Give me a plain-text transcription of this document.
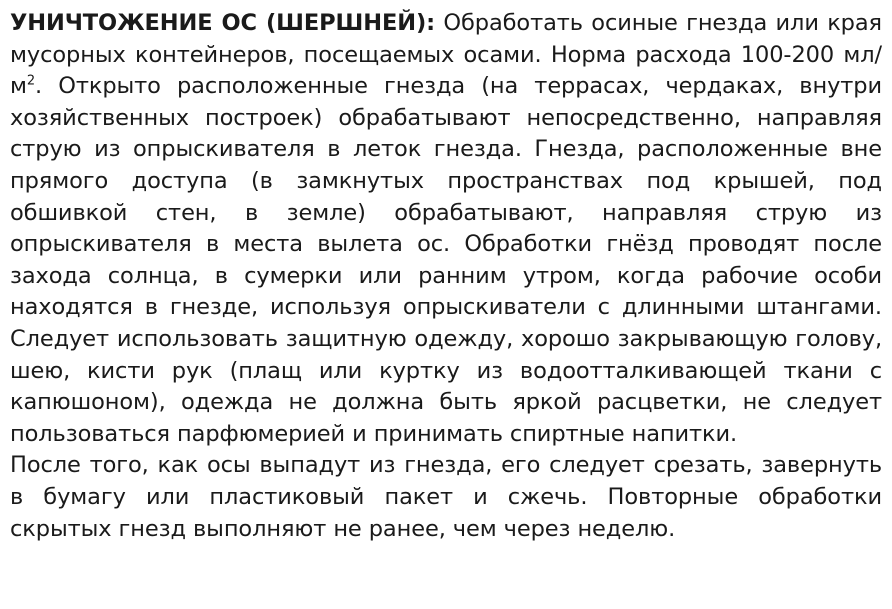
УНИЧТОЖЕНИЕ ОС (ШЕРШНЕЙ): Обработать осиные гнезда или края мусорных контейнеров, посещаемых осами. Норма расхода 100-200 $мл/м^2$. Открыто расположенные гнезда (на террасах, чердаках, внутри хозяйственных построек) обрабатывают непосредственно, направляя струю из опрыскивателя в леток гнезда. Гнезда, расположенные вне прямого доступа (в замкнутых пространствах под крышей, под обшивкой стен, в земле) обрабатывают, направляя струю из опрыскивателя в места вылета ос. Обработки гнёзд проводят после захода солнца, в сумерки или ранним утром, когда рабочие особи находятся в гнезде, используя опрыскиватели с длинными штангами. Следует использовать защитную одежду, хорошо закрывающую голову, шею, кисти рук (плащ или куртку из водоотталкивающей ткани с капюшоном), одежда не должна быть яркой расцветки, не следует пользоваться парфюмерией и принимать спиртные напитки.

После того, как осы выпадут из гнезда, его следует срезать, завернуть в бумагу или пластиковый пакет и сжечь. Повторные обработки скрытых гнезд выполняют не ранее, чем через неделю.
